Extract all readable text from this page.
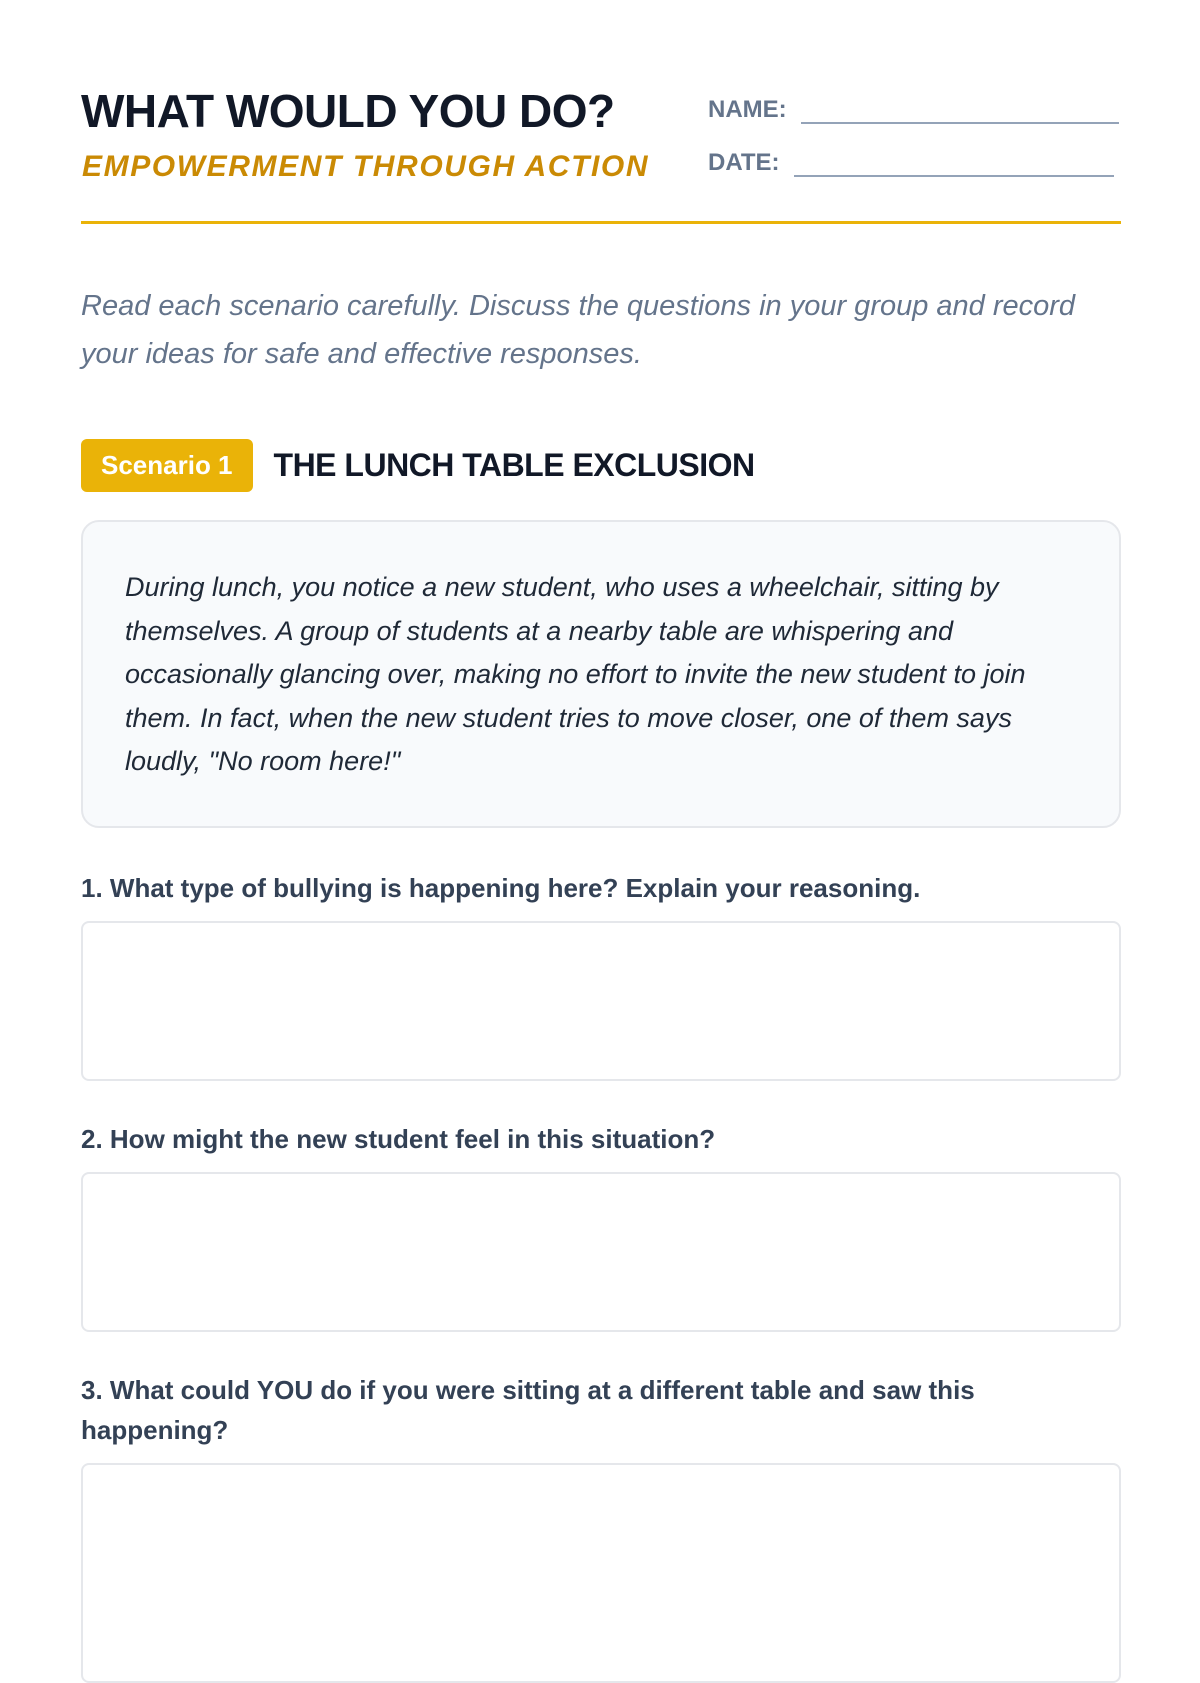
WHAT WOULD YOU DO?
EMPOWERMENT THROUGH ACTION
NAME:
DATE:

Read each scenario carefully. Discuss the questions in your group and record your ideas for safe and effective responses.

Scenario 1	THE LUNCH TABLE EXCLUSION

During lunch, you notice a new student, who uses a wheelchair, sitting by themselves. A group of students at a nearby table are whispering and occasionally glancing over, making no effort to invite the new student to join them. In fact, when the new student tries to move closer, one of them says loudly, "No room here!"

1. What type of bullying is happening here? Explain your reasoning.

2. How might the new student feel in this situation?

3. What could YOU do if you were sitting at a different table and saw this happening?
